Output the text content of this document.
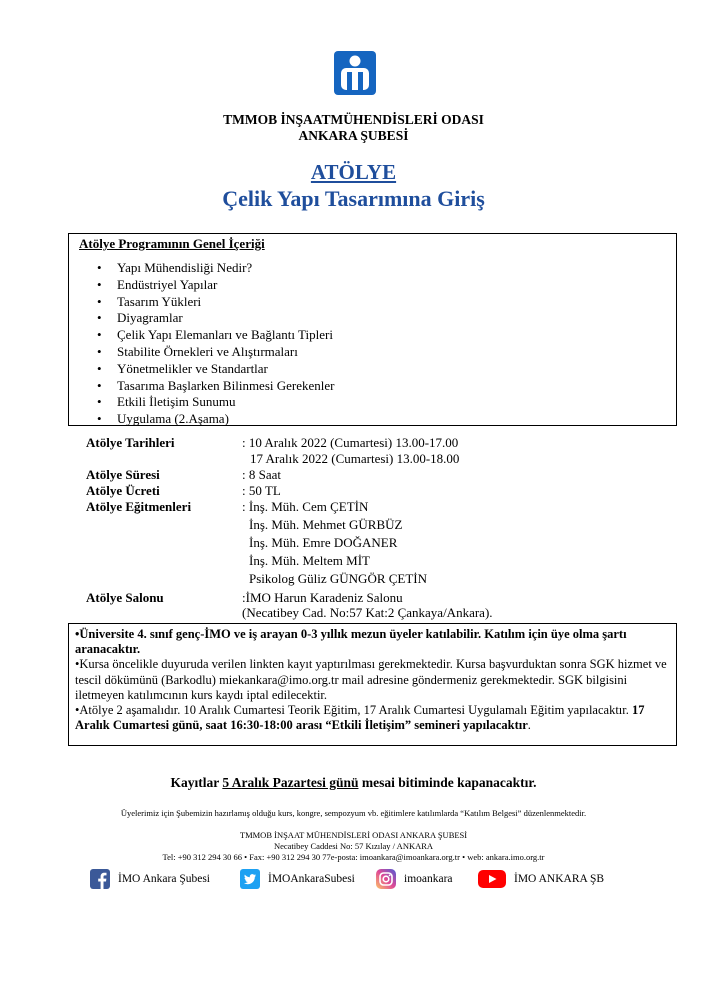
TMMOB İNŞAATMÜHENDİSLERİ ODASI
ANKARA ŞUBESİ
ATÖLYE
Çelik Yapı Tasarımına Giriş
Atölye Programının Genel İçeriği
• Yapı Mühendisliği Nedir?
• Endüstriyel Yapılar
• Tasarım Yükleri
• Diyagramlar
• Çelik Yapı Elemanları ve Bağlantı Tipleri
• Stabilite Örnekleri ve Alıştırmaları
• Yönetmelikler ve Standartlar
• Tasarıma Başlarken Bilinmesi Gerekenler
• Etkili İletişim Sunumu
• Uygulama (2.Aşama)
Atölye Tarihleri	: 10 Aralık 2022 (Cumartesi) 13.00-17.00
17 Aralık 2022 (Cumartesi) 13.00-18.00
Atölye Süresi	: 8 Saat
Atölye Ücreti	: 50 TL
Atölye Eğitmenleri	: İnş. Müh. Cem ÇETİN
İnş. Müh. Mehmet GÜRBÜZ
İnş. Müh. Emre DOĞANER
İnş. Müh. Meltem MİT
Psikolog Güliz GÜNGÖR ÇETİN
Atölye Salonu	:İMO Harun Karadeniz Salonu
(Necatibey Cad. No:57 Kat:2 Çankaya/Ankara).

•Üniversite 4. sınıf genç-İMO ve iş arayan 0-3 yıllık mezun üyeler katılabilir. Katılım için üye olma şartı aranacaktır.

•Kursa öncelikle duyuruda verilen linkten kayıt yaptırılması gerekmektedir. Kursa başvurduktan sonra SGK hizmet ve tescil dökümünü (Barkodlu) miekankara@imo.org.tr mail adresine göndermeniz gerekmektedir. SGK bilgisini iletmeyen katılımcının kurs kaydı iptal edilecektir.

•Atölye 2 aşamalıdır. 10 Aralık Cumartesi Teorik Eğitim, 17 Aralık Cumartesi Uygulamalı Eğitim yapılacaktır. 17 Aralık Cumartesi günü, saat 16:30-18:00 arası “Etkili İletişim” semineri yapılacaktır.

Kayıtlar 5 Aralık Pazartesi günü mesai bitiminde kapanacaktır.
Üyelerimiz için Şubemizin hazırlamış olduğu kurs, kongre, sempozyum vb. eğitimlere katılımlarda “Katılım Belgesi” düzenlenmektedir.
TMMOB İNŞAAT MÜHENDİSLERİ ODASI ANKARA ŞUBESİ
Necatibey Caddesi No: 57 Kızılay / ANKARA
Tel: +90 312 294 30 66 • Fax: +90 312 294 30 77e-posta: imoankara@imoankara.org.tr • web: ankara.imo.org.tr
İMO Ankara Şubesi	İMOAnkaraSubesi	imoankara	İMO ANKARA ŞB
